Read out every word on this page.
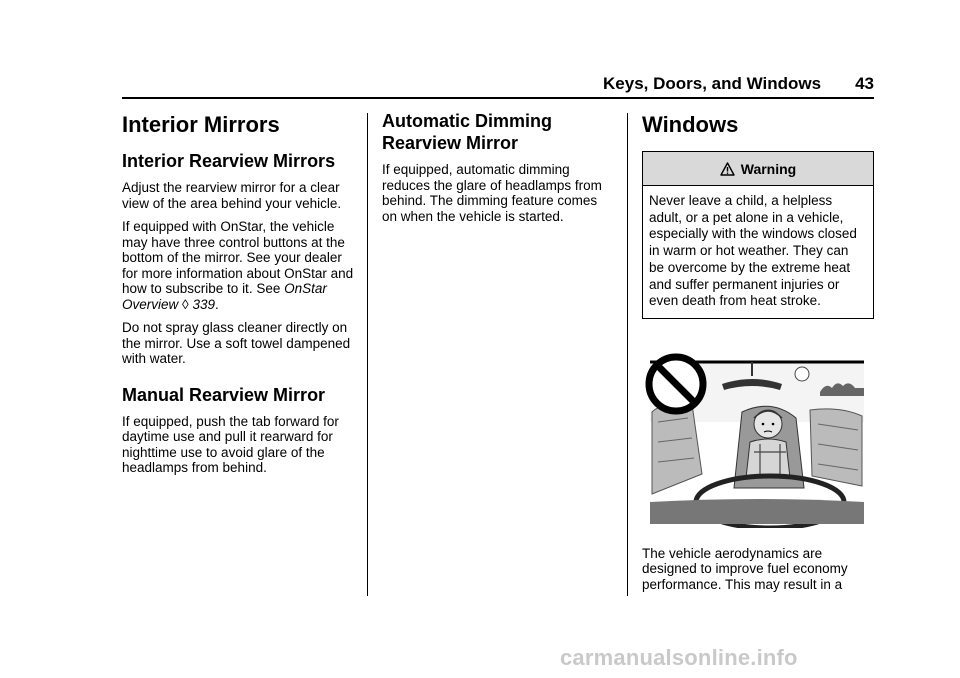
Keys, Doors, and Windows 43
Interior Mirrors
Interior Rearview Mirrors

Adjust the rearview mirror for a clear view of the area behind your vehicle.

If equipped with OnStar, the vehicle may have three control buttons at the bottom of the mirror. See your dealer for more information about OnStar and how to subscribe to it. See OnStar Overview ◊ 339.

Do not spray glass cleaner directly on the mirror. Use a soft towel dampened with water.

Manual Rearview Mirror

If equipped, push the tab forward for daytime use and pull it rearward for nighttime use to avoid glare of the headlamps from behind.

Automatic Dimming Rearview Mirror

If equipped, automatic dimming reduces the glare of headlamps from behind. The dimming feature comes on when the vehicle is started.

Windows
Warning
Never leave a child, a helpless adult, or a pet alone in a vehicle, especially with the windows closed in warm or hot weather. They can be overcome by the extreme heat and suffer permanent injuries or even death from heat stroke.

The vehicle aerodynamics are designed to improve fuel economy performance. This may result in a

carmanualsonline.info
